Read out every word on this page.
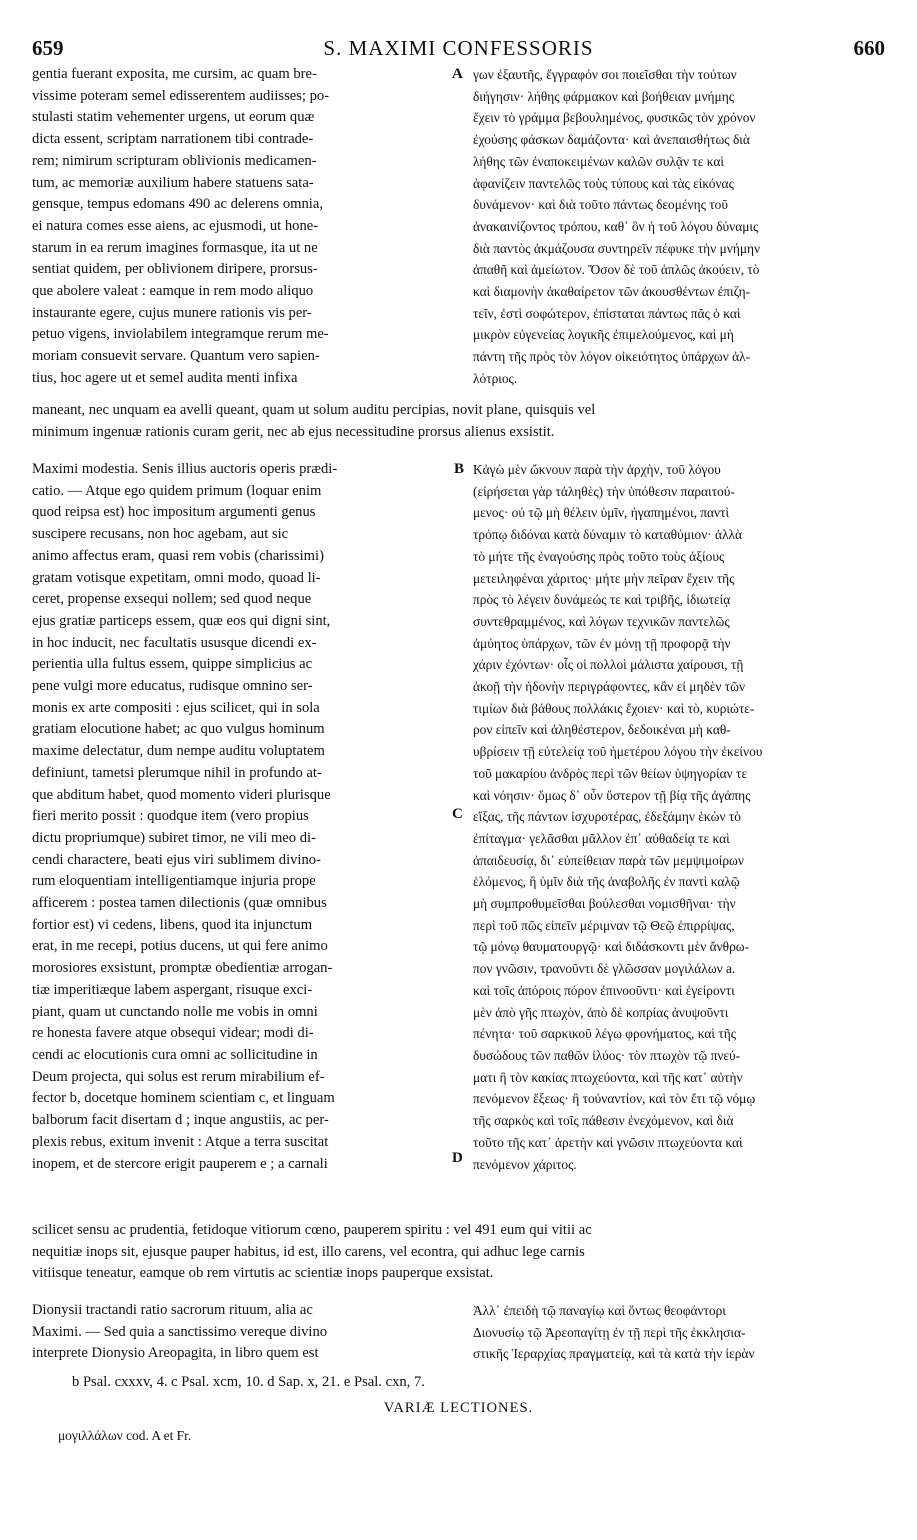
659	S. MAXIMI CONFESSORIS	660
gentia fuerant exposita, me cursim, ac quam bre-
vissime poteram semel edisserentem audiisses; po-
stulasti statim vehementer urgens, ut eorum quæ
dicta essent, scriptam narrationem tibi contrade-
rem; nimirum scripturam oblivionis medicamen-
tum, ac memoriæ auxilium habere statuens sata-
gensque, tempus edomans 490 ac delerens omnia,
ei natura comes esse aiens, ac ejusmodi, ut hone-
starum in ea rerum imagines formasque, ita ut ne
sentiat quidem, per oblivionem diripere, prorsus-
que abolere valeat : eamque in rem modo aliquo
instaurante egere, cujus munere rationis vis per-
petuo vigens, inviolabilem integramque rerum me-
moriam consuevit servare. Quantum vero sapien-
tius, hoc agere ut et semel audita menti infixa
A γων ἐξαυτῆς, ἔγγραφόν σοι ποιεῖσθαι τὴν τούτων
διήγησιν· λήθης φάρμακον καὶ βοήθειαν μνήμης
ἔχειν τὸ γράμμα βεβουλημένος, φυσικῶς τὸν χρόνον
ἐχούσης φάσκων δαμάζοντα· καὶ ἀνεπαισθήτως διὰ
λήθης τῶν ἐναποκειμένων καλῶν συλᾷν τε καὶ
ἀφανίζειν παντελῶς τοὺς τύπους καὶ τὰς εἰκόνας
δυνάμενον· καὶ διὰ τοῦτο πάντως δεομένης τοῦ
ἀνακαινίζοντος τρόπου, καθ᾽ ὃν ἡ τοῦ λόγου δύναμις
διὰ παντὸς ἀκμάζουσα συντηρεῖν πέφυκε τὴν μνήμην
ἀπαθῆ καὶ ἀμείωτον. Ὅσον δὲ τοῦ ἁπλῶς ἀκούειν, τὸ
καὶ διαμονὴν ἀκαθαίρετον τῶν ἀκουσθέντων ἐπιζη-
τεῖν, ἐστὶ σοφώτερον, ἐπίσταται πάντως πᾶς ὁ καὶ
μικρὸν εὐγενείας λογικῆς ἐπιμελούμενος, καὶ μὴ
πάντη τῆς πρὸς τὸν λόγον οἰκειότητος ὑπάρχων ἀλ-
λότριος.
maneant, nec unquam ea avelli queant, quam ut solum auditu percipias, novit plane, quisquis vel
minimum ingenuæ rationis curam gerit, nec ab ejus necessitudine prorsus alienus exsistit.
Maximi modestia. Senis illius auctoris operis prædi-
catio. — Atque ego quidem primum (loquar enim
quod reipsa est) hoc impositum argumenti genus
suscipere recusans, non hoc agebam, aut sic
animo affectus eram, quasi rem vobis (charissimi)
gratam votisque expetitam, omni modo, quoad li-
ceret, propense exsequi nollem; sed quod neque
ejus gratiæ particeps essem, quæ eos qui digni sint,
in hoc inducit, nec facultatis ususque dicendi ex-
perientia ulla fultus essem, quippe simplicius ac
pene vulgi more educatus, rudisque omnino ser-
monis ex arte compositi : ejus scilicet, qui in sola
gratiam elocutione habet; ac quo vulgus hominum
maxime delectatur, dum nempe auditu voluptatem
definiunt, tametsi plerumque nihil in profundo at-
que abditum habet, quod momento videri plurisque
fieri merito possit : quodque item (vero propius
dictu propriumque) subiret timor, ne vili meo di-
cendi charactere, beati ejus viri sublimem divino-
rum eloquentiam intelligentiamque injuria prope
afficerem : postea tamen dilectionis (quæ omnibus
fortior est) vi cedens, libens, quod ita injunctum
erat, in me recepi, potius ducens, ut qui fere animo
morosiores exsistunt, promptæ obedientiæ arrogan-
tiæ imperitiæque labem aspergant, risuque exci-
piant, quam ut cunctando nolle me vobis in omni
re honesta favere atque obsequi videar; modi di-
cendi ac elocutionis cura omni ac sollicitudine in
Deum projecta, qui solus est rerum mirabilium ef-
fector b, docetque hominem scientiam c, et linguam
balborum facit disertam d ; inque angustiis, ac per-
plexis rebus, exitum invenit : Atque a terra suscitat
inopem, et de stercore erigit pauperem e ; a carnali
B
C
D
Κἀγὼ μὲν ὤκνουν παρὰ τὴν ἀρχὴν, τοῦ λόγου
(εἰρήσεται γὰρ τἀληθὲς) τὴν ὑπόθεσιν παραιτού-
μενος· οὐ τῷ μὴ θέλειν ὑμῖν, ἠγαπημένοι, παντὶ
τρόπῳ διδόναι κατὰ δύναμιν τὸ καταθύμιον· ἀλλὰ
τὸ μήτε τῆς ἐναγούσης πρὸς τοῦτο τοὺς ἀξίους
μετειληφέναι χάριτος· μήτε μὴν πεῖραν ἔχειν τῆς
πρὸς τὸ λέγειν δυνάμεώς τε καὶ τριβῆς, ἰδιωτείᾳ
συντεθραμμένος, καὶ λόγων τεχνικῶν παντελῶς
ἀμύητος ὑπάρχων, τῶν ἐν μόνῃ τῇ προφορᾷ τὴν
χάριν ἐχόντων· οἷς οἱ πολλοὶ μάλιστα χαίρουσι, τῇ
ἀκοῇ τὴν ἡδονὴν περιγράφοντες, κἂν εἰ μηδὲν τῶν
τιμίων διὰ βάθους πολλάκις ἔχοιεν· καὶ τὸ, κυριώτε-
ρον εἰπεῖν καὶ ἀληθέστερον, δεδοικέναι μὴ καθ-
υβρίσειν τῇ εὐτελείᾳ τοῦ ἡμετέρου λόγου τὴν ἐκείνου
τοῦ μακαρίου ἀνδρὸς περὶ τῶν θείων ὑψηγορίαν τε
καὶ νόησιν· ὅμως δ᾽ οὖν ὕστερον τῇ βίᾳ τῆς ἀγάπης
εἴξας, τῆς πάντων ἰσχυροτέρας, ἐδεξάμην ἑκὼν τὸ
ἐπίταγμα· γελᾶσθαι μᾶλλον ἐπ᾽ αὐθαδείᾳ τε καὶ
ἀπαιδευσίᾳ, δι᾽ εὐπείθειαν παρὰ τῶν μεμψιμοίρων
ἑλόμενος, ἢ ὑμῖν διὰ τῆς ἀναβολῆς ἐν παντὶ καλῷ
μὴ συμπροθυμεῖσθαι βούλεσθαι νομισθῆναι· τὴν
περὶ τοῦ πῶς εἰπεῖν μέριμναν τῷ Θεῷ ἐπιρρίψας,
τῷ μόνῳ θαυματουργῷ· καὶ διδάσκοντι μὲν ἄνθρω-
πον γνῶσιν, τρανοῦντι δὲ γλῶσσαν μογιλάλων a.
καὶ τοῖς ἀπόροις πόρον ἐπινοοῦντι· καὶ ἐγείροντι
μὲν ἀπὸ γῆς πτωχὸν, ἀπὸ δὲ κοπρίας ἀνυψοῦντι
πένητα· τοῦ σαρκικοῦ λέγω φρονήματος, καὶ τῆς
δυσώδους τῶν παθῶν ἰλύος· τὸν πτωχὸν τῷ πνεύ-
ματι ἢ τὸν κακίας πτωχεύοντα, καὶ τῆς κατ᾽ αὐτὴν
πενόμενον ἕξεως· ἢ τοὐναντίον, καὶ τὸν ἔτι τῷ νόμῳ
τῆς σαρκὸς καὶ τοῖς πάθεσιν ἐνεχόμενον, καὶ διὰ
τοῦτο τῆς κατ᾽ ἀρετὴν καὶ γνῶσιν πτωχεύοντα καὶ
πενόμενον χάριτος.
scilicet sensu ac prudentia, fetidoque vitiorum cœno, pauperem spiritu : vel 491 eum qui vitii ac
nequitiæ inops sit, ejusque pauper habitus, id est, illo carens, vel econtra, qui adhuc lege carnis
vitiisque teneatur, eamque ob rem virtutis ac scientiæ inops pauperque exsistat.
Dionysii tractandi ratio sacrorum rituum, alia ac
Maximi. — Sed quia a sanctissimo vereque divino
interprete Dionysio Areopagita, in libro quem est
Ἀλλ᾽ ἐπειδὴ τῷ παναγίῳ καὶ ὄντως θεοφάντορι
Διονυσίῳ τῷ Ἀρεοπαγίτῃ ἐν τῇ περὶ τῆς ἐκκλησια-
στικῆς Ἱεραρχίας πραγματείᾳ, καὶ τὰ κατὰ τὴν ἱερὰν
b Psal. cxxxv, 4. c Psal. xcm, 10. d Sap. x, 21. e Psal. cxn, 7.
VARIÆ LECTIONES.
μογιλλάλων cod. A et Fr.
